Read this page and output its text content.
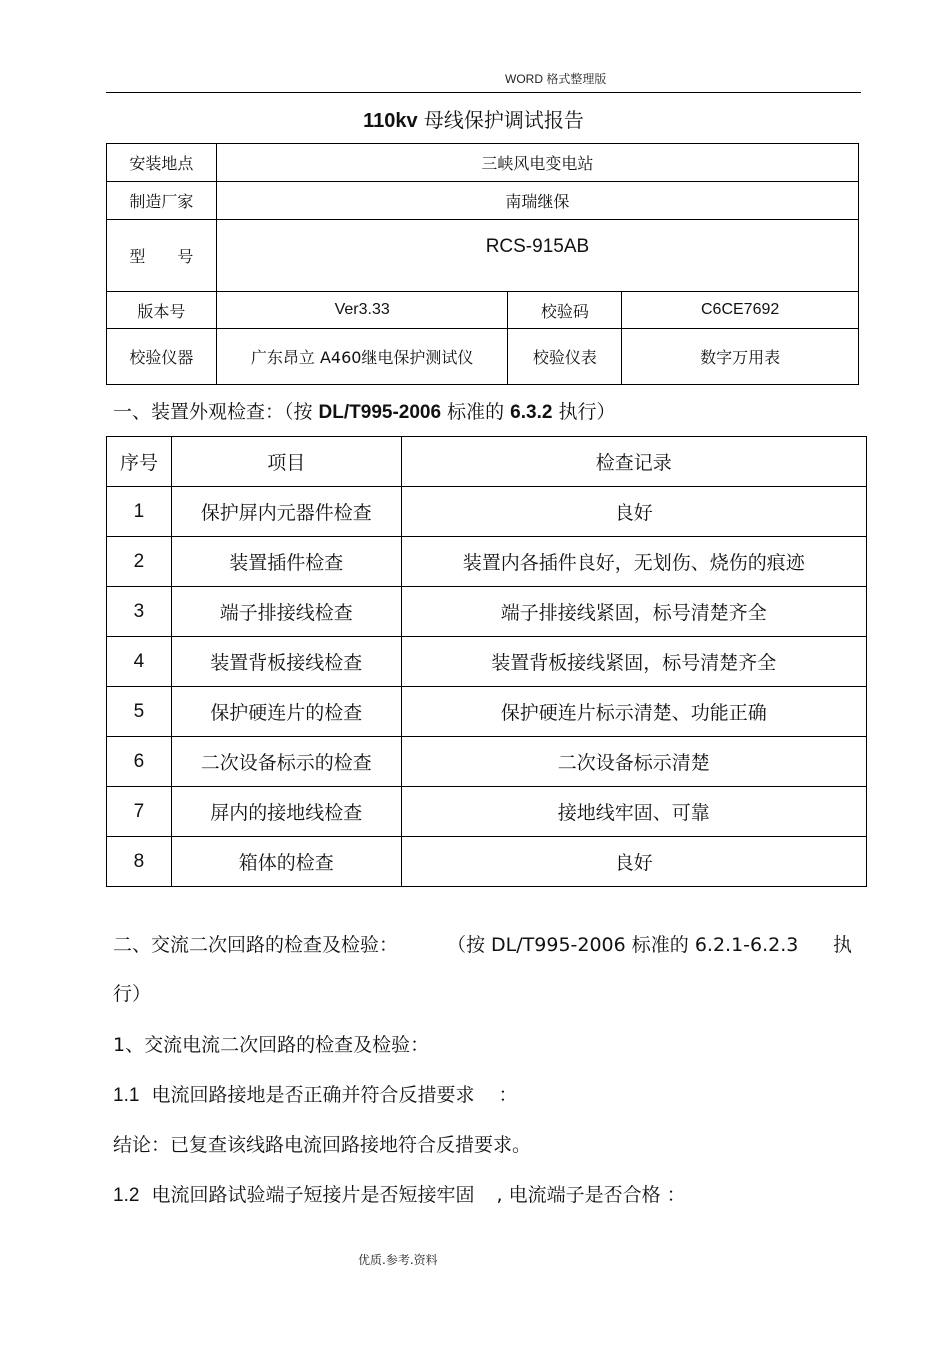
WORD 格式整理版
110kv 母线保护调试报告
安装地点	三峡风电变电站		
制造厂家	南瑞继保		
型　　号	RCS-915AB		
版本号	Ver3.33	校验码	C6CE7692
校验仪器	广东昂立 A460继电保护测试仪	校验仪表	数字万用表
一、装置外观检查：（按 DL/T995-2006 标准的 6.3.2 执行）
序号	项目	检查记录
1	保护屏内元器件检查	良好
2	装置插件检查	装置内各插件良好，无划伤、烧伤的痕迹
3	端子排接线检查	端子排接线紧固，标号清楚齐全
4	装置背板接线检查	装置背板接线紧固，标号清楚齐全
5	保护硬连片的检查	保护硬连片标示清楚、功能正确
6	二次设备标示的检查	二次设备标示清楚
7	屏内的接地线检查	接地线牢固、可靠
8	箱体的检查	良好
二、交流二次回路的检查及检验：	（按 DL/T995-2006 标准的 6.2.1-6.2.3 执
行）
1、交流电流二次回路的检查及检验：
1.1 电流回路接地是否正确并符合反措要求 ：
结论：已复查该线路电流回路接地符合反措要求。
1.2 电流回路试验端子短接片是否短接牢固 , 电流端子是否合格 ：
优质.参考.资料
